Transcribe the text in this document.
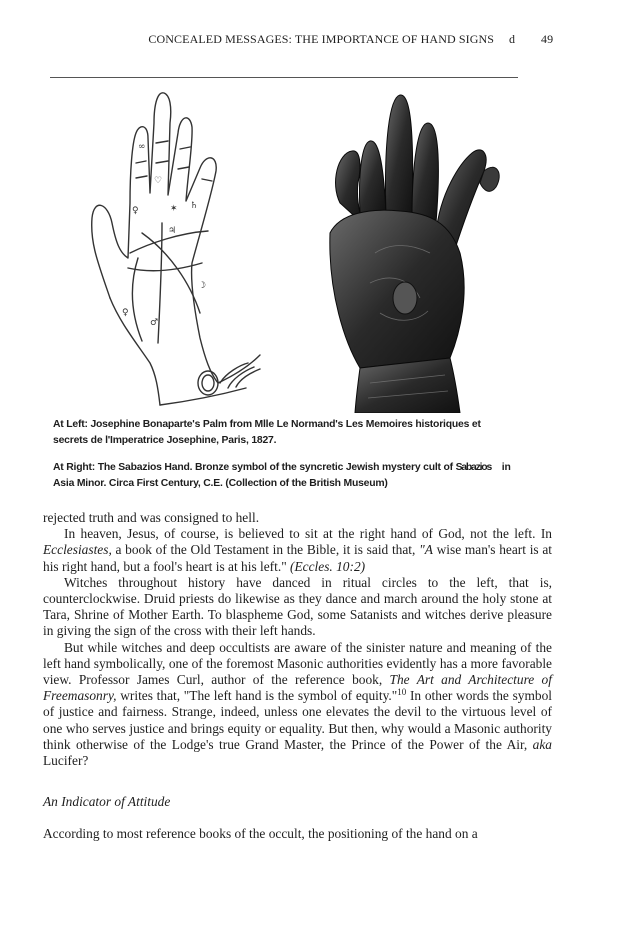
CONCEALED MESSAGES: THE IMPORTANCE OF HAND SIGNS d 49
♀	✶ ♄
♃
☽
♀
♂
♡
∞
At Left: Josephine Bonaparte's Palm from Mlle Le Normand's Les Memoires historiques et
secrets de l'Imperatrice Josephine, Paris, 1827.
At Right: The Sabazios Hand. Bronze symbol of the syncretic Jewish mystery cult of Sabazios    in
Asia Minor. Circa First Century, C.E. (Collection of the British Museum)

rejected truth and was consigned to hell.

In heaven, Jesus, of course, is believed to sit at the right hand of God, not the left. In Ecclesiastes, a book of the Old Testament in the Bible, it is said that, "A wise man's heart is at his right hand, but a fool's heart is at his left." (Eccles. 10:2)

Witches throughout history have danced in ritual circles to the left, that is, counterclockwise. Druid priests do likewise as they dance and march around the holy stone at Tara, Shrine of Mother Earth. To blaspheme God, some Satanists and witches derive pleasure in giving the sign of the cross with their left hands.

But while witches and deep occultists are aware of the sinister nature and meaning of the left hand symbolically, one of the foremost Masonic authorities evidently has a more favorable view. Professor James Curl, author of the reference book, The Art and Architecture of Freemasonry, writes that, "The left hand is the symbol of equity."$^{10}$ In other words the symbol of justice and fairness. Strange, indeed, unless one elevates the devil to the virtuous level of one who serves justice and brings equity or equality. But then, why would a Masonic authority think otherwise of the Lodge's true Grand Master, the Prince of the Power of the Air, aka Lucifer?

An Indicator of Attitude
According to most reference books of the occult, the positioning of the hand on a
